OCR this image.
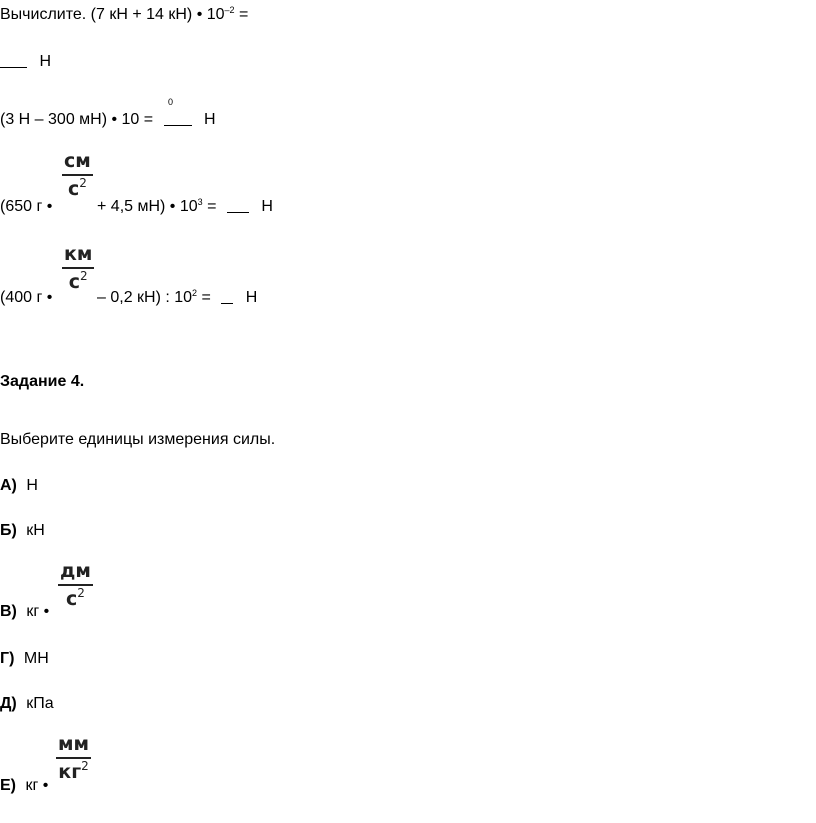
Вычислите. (7 кН + 14 кН) • $10^{-2}$ =
Н
0
(3 Н – 300 мН) • 10 =	Н
см
$с^2$
(650 г •	+ 4,5 мН) • $10^3$ =	Н
км
$с^2$
(400 г •	– 0,2 кН) : $10^2 = Н$
Задание 4.
Выберите единицы измерения силы.
А) Н
Б) кН
дм
$с^2$
В) кг •
Г) МН
Д) кПа
мм
$кг^2$
Е) кг •
